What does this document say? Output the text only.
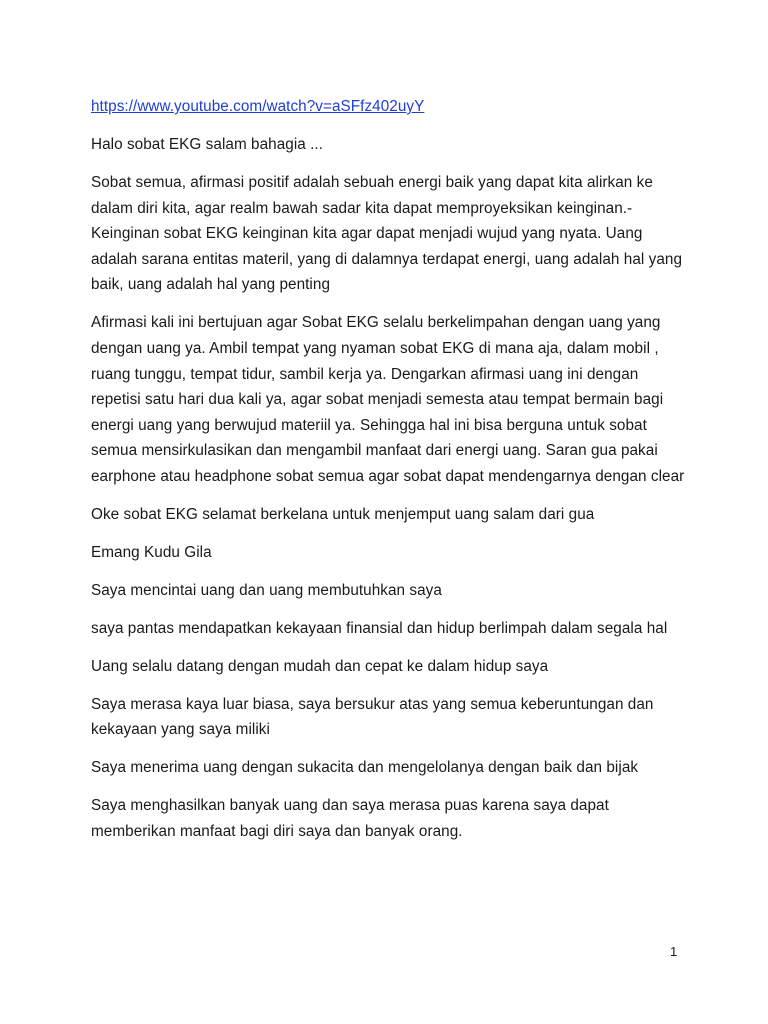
https://www.youtube.com/watch?v=aSFfz402uyY

Halo sobat EKG salam bahagia ...

Sobat semua, afirmasi positif adalah sebuah energi baik yang dapat kita alirkan ke dalam diri kita, agar realm bawah sadar kita dapat memproyeksikan keinginan.- Keinginan sobat EKG keinginan kita agar dapat menjadi wujud yang nyata. Uang adalah sarana entitas materil, yang di dalamnya terdapat energi, uang adalah hal yang baik, uang adalah hal yang penting

Afirmasi kali ini bertujuan agar Sobat EKG selalu berkelimpahan dengan uang yang dengan uang ya. Ambil tempat yang nyaman sobat EKG di mana aja, dalam mobil , ruang tunggu, tempat tidur, sambil kerja ya. Dengarkan afirmasi uang ini dengan repetisi satu hari dua kali ya, agar sobat menjadi semesta atau tempat bermain bagi energi uang yang berwujud materiil ya. Sehingga hal ini bisa berguna untuk sobat semua mensirkulasikan dan mengambil manfaat dari energi uang. Saran gua pakai earphone atau headphone sobat semua agar sobat dapat mendengarnya dengan clear

Oke sobat EKG selamat berkelana untuk menjemput uang salam dari gua

Emang Kudu Gila

Saya mencintai uang dan uang membutuhkan saya

saya pantas mendapatkan kekayaan finansial dan hidup berlimpah dalam segala hal

Uang selalu datang dengan mudah dan cepat ke dalam hidup saya

Saya merasa kaya luar biasa, saya bersukur atas yang semua keberuntungan dan kekayaan yang saya miliki

Saya menerima uang dengan sukacita dan mengelolanya dengan baik dan bijak

Saya menghasilkan banyak uang dan saya merasa puas karena saya dapat memberikan manfaat bagi diri saya dan banyak orang.

1
